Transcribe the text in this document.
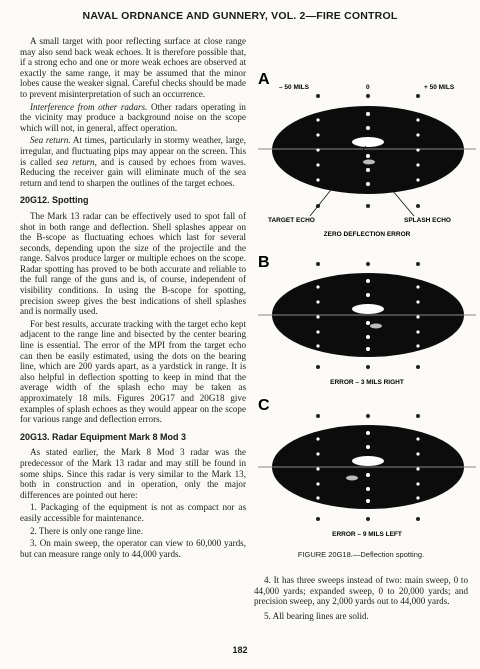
NAVAL ORDNANCE AND GUNNERY, VOL. 2—FIRE CONTROL

A small target with poor reflecting surface at close range may also send back weak echoes. It is therefore possible that, if a strong echo and one or more weak echoes are observed at exactly the same range, it may be assumed that the minor lobes cause the weaker signal. Careful checks should be made to prevent misinterpretation of such an occurrence.

Interference from other radars. Other radars operating in the vicinity may produce a background noise on the scope which will not, in general, affect operation.

Sea return. At times, particularly in stormy weather, large, irregular, and fluctuating pips may appear on the screen. This is called sea return, and is caused by echoes from waves. Reducing the receiver gain will eliminate much of the sea return and tend to sharpen the outlines of the target echoes.

20G12. Spotting

The Mark 13 radar can be effectively used to spot fall of shot in both range and deflection. Shell splashes appear on the B-scope as fluctuating echoes which last for several seconds, depending upon the size of the projectile and the range. Salvos produce larger or multiple echoes on the scope. Radar spotting has proved to be both accurate and reliable to the full range of the guns and is, of course, independent of visibility conditions. In using the B-scope for spotting, precision sweep gives the best indications of shell splashes and is normally used.

For best results, accurate tracking with the target echo kept adjacent to the range line and bisected by the center bearing line is essential. The error of the MPI from the target echo can then be easily estimated, using the dots on the bearing line, which are 200 yards apart, as a yardstick in range. It is also helpful in deflection spotting to keep in mind that the average width of the splash echo may be taken as approximately 18 mils. Figures 20G17 and 20G18 give examples of splash echoes as they would appear on the scope for various range and deflection errors.

20G13. Radar Equipment Mark 8 Mod 3

As stated earlier, the Mark 8 Mod 3 radar was the predecessor of the Mark 13 radar and may still be found in some ships. Since this radar is very similar to the Mark 13, both in construction and in operation, only the major differences are pointed out here:

1. Packaging of the equipment is not as compact nor as easily accessible for maintenance.

2. There is only one range line.

3. On main sweep, the operator can view to 60,000 yards, but can measure range only to 44,000 yards.

A – 50 MILS	0	+ 50 MILS
TARGET ECHO	SPLASH ECHO
ZERO DEFLECTION ERROR
B
ERROR – 3 MILS RIGHT
C
ERROR – 9 MILS LEFT
FIGURE 20G18.—Deflection spotting.

4. It has three sweeps instead of two: main sweep, 0 to 44,000 yards; expanded sweep, 0 to 20,000 yards; and precision sweep, any 2,000 yards out to 44,000 yards.

5. All bearing lines are solid.

182
